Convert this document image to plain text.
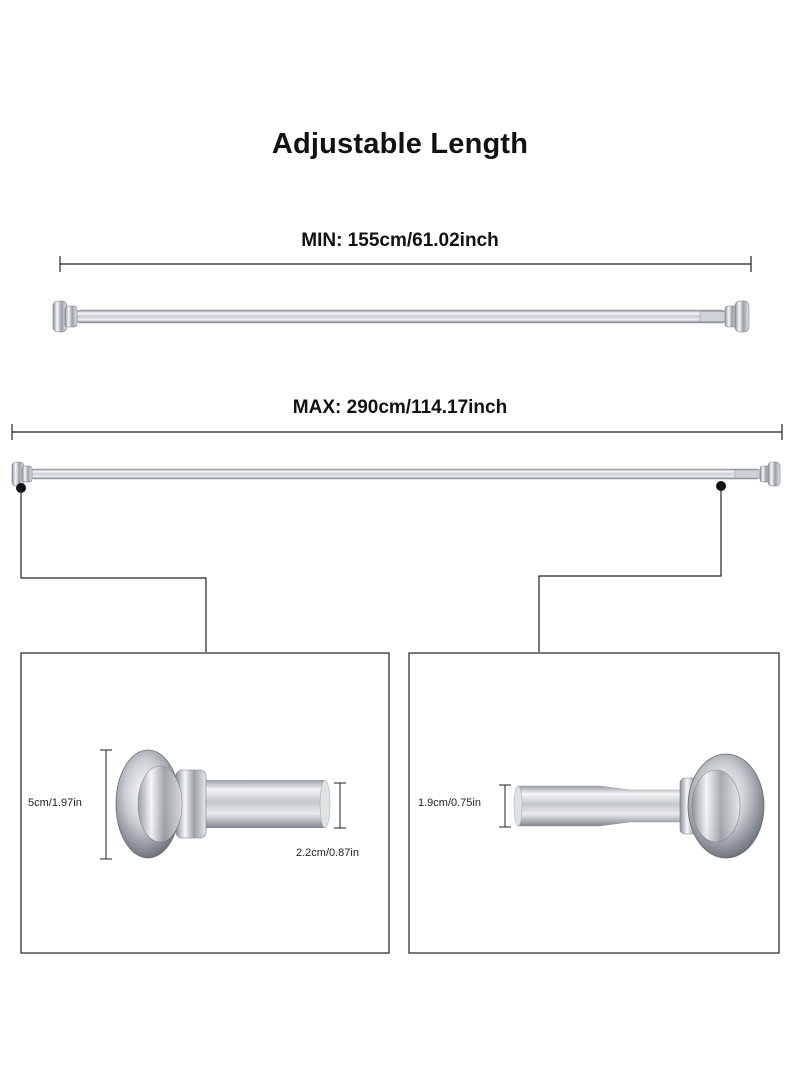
Adjustable Length
MIN: 155cm/61.02inch
MAX: 290cm/114.17inch
5cm/1.97in
2.2cm/0.87in
1.9cm/0.75in
